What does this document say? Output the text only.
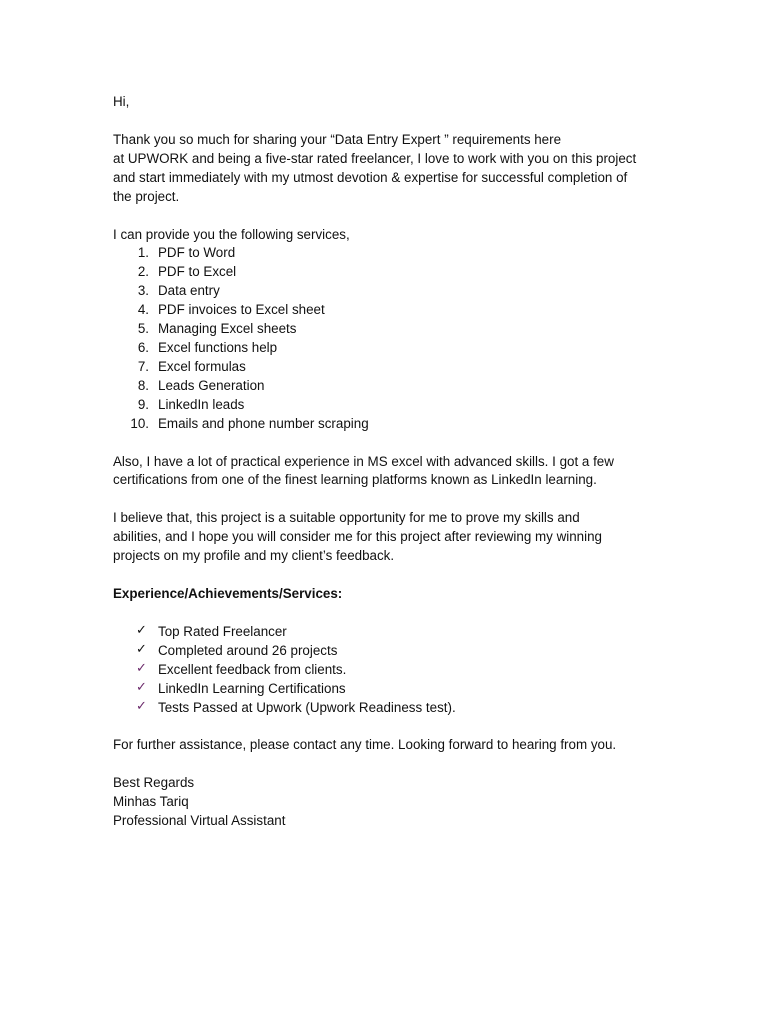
Hi,

Thank you so much for sharing your “Data Entry Expert ” requirements here

at UPWORK and being a five-star rated freelancer, I love to work with you on this project

and start immediately with my utmost devotion & expertise for successful completion of

the project.

I can provide you the following services,

1. PDF to Word
2. PDF to Excel
3. Data entry
4. PDF invoices to Excel sheet
5. Managing Excel sheets
6. Excel functions help
7. Excel formulas
8. Leads Generation
9. LinkedIn leads
10. Emails and phone number scraping

Also, I have a lot of practical experience in MS excel with advanced skills. I got a few

certifications from one of the finest learning platforms known as LinkedIn learning.

I believe that, this project is a suitable opportunity for me to prove my skills and

abilities, and I hope you will consider me for this project after reviewing my winning

projects on my profile and my client’s feedback.

Experience/Achievements/Services:

✓ Top Rated Freelancer
✓ Completed around 26 projects
✓ Excellent feedback from clients.
✓ LinkedIn Learning Certifications
✓ Tests Passed at Upwork (Upwork Readiness test).

For further assistance, please contact any time. Looking forward to hearing from you.

Best Regards

Minhas Tariq

Professional Virtual Assistant
